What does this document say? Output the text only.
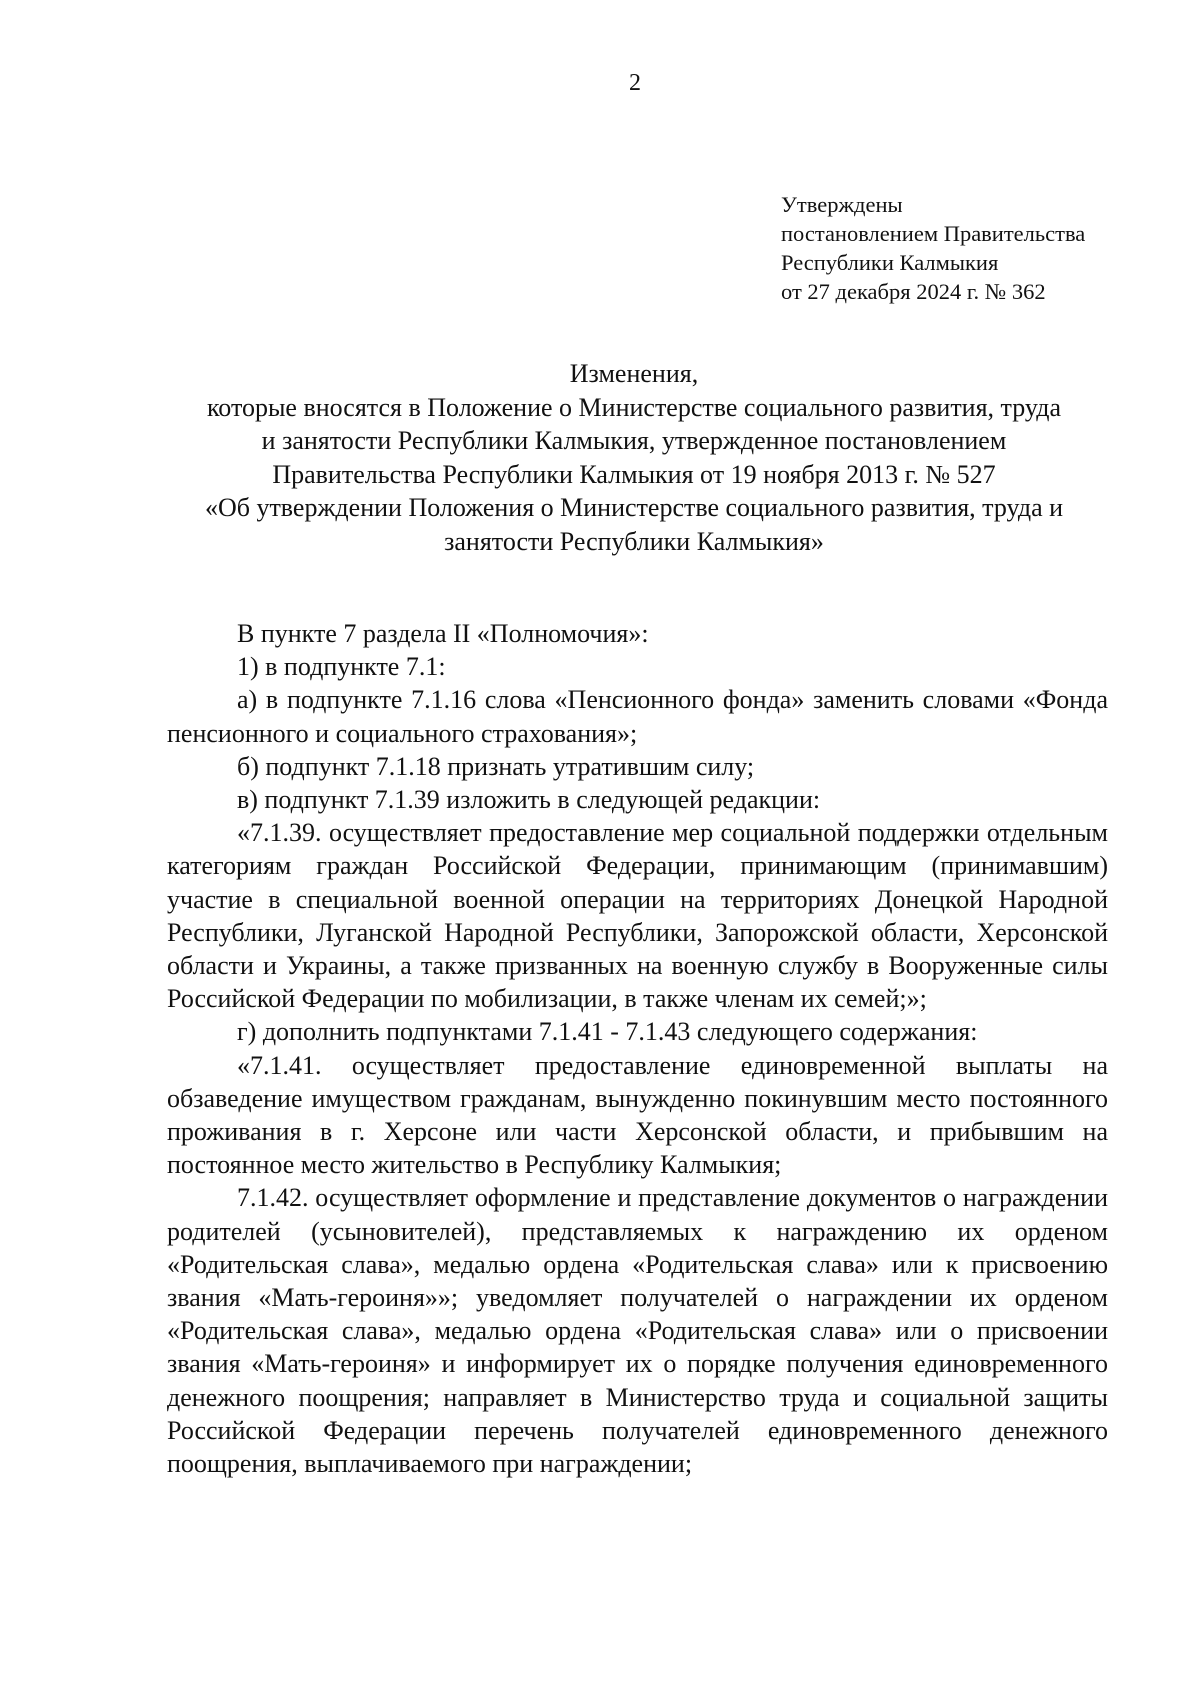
2
Утверждены
постановлением Правительства
Республики Калмыкия
от 27 декабря 2024 г. № 362
Изменения,
которые вносятся в Положение о Министерстве социального развития, труда
и занятости Республики Калмыкия, утвержденное постановлением
Правительства Республики Калмыкия от 19 ноября 2013 г. № 527
«Об утверждении Положения о Министерстве социального развития, труда и
занятости Республики Калмыкия»

В пункте 7 раздела II «Полномочия»:

1) в подпункте 7.1:

а) в подпункте 7.1.16 слова «Пенсионного фонда» заменить словами «Фонда пенсионного и социального страхования»;

б) подпункт 7.1.18 признать утратившим силу;

в) подпункт 7.1.39 изложить в следующей редакции:

«7.1.39. осуществляет предоставление мер социальной поддержки отдельным категориям граждан Российской Федерации, принимающим (принимавшим) участие в специальной военной операции на территориях Донецкой Народной Республики, Луганской Народной Республики, Запорожской области, Херсонской области и Украины, а также призванных на военную службу в Вооруженные силы Российской Федерации по мобилизации, в также членам их семей;»;

г) дополнить подпунктами 7.1.41 - 7.1.43 следующего содержания:

«7.1.41. осуществляет предоставление единовременной выплаты на обзаведение имуществом гражданам, вынужденно покинувшим место постоянного проживания в г. Херсоне или части Херсонской области, и прибывшим на постоянное место жительство в Республику Калмыкия;

7.1.42. осуществляет оформление и представление документов о награждении родителей (усыновителей), представляемых к награждению их орденом «Родительская слава», медалью ордена «Родительская слава» или к присвоению звания «Мать-героиня»»; уведомляет получателей о награждении их орденом «Родительская слава», медалью ордена «Родительская слава» или о присвоении звания «Мать-героиня» и информирует их о порядке получения единовременного денежного поощрения; направляет в Министерство труда и социальной защиты Российской Федерации перечень получателей единовременного денежного поощрения, выплачиваемого при награждении;
